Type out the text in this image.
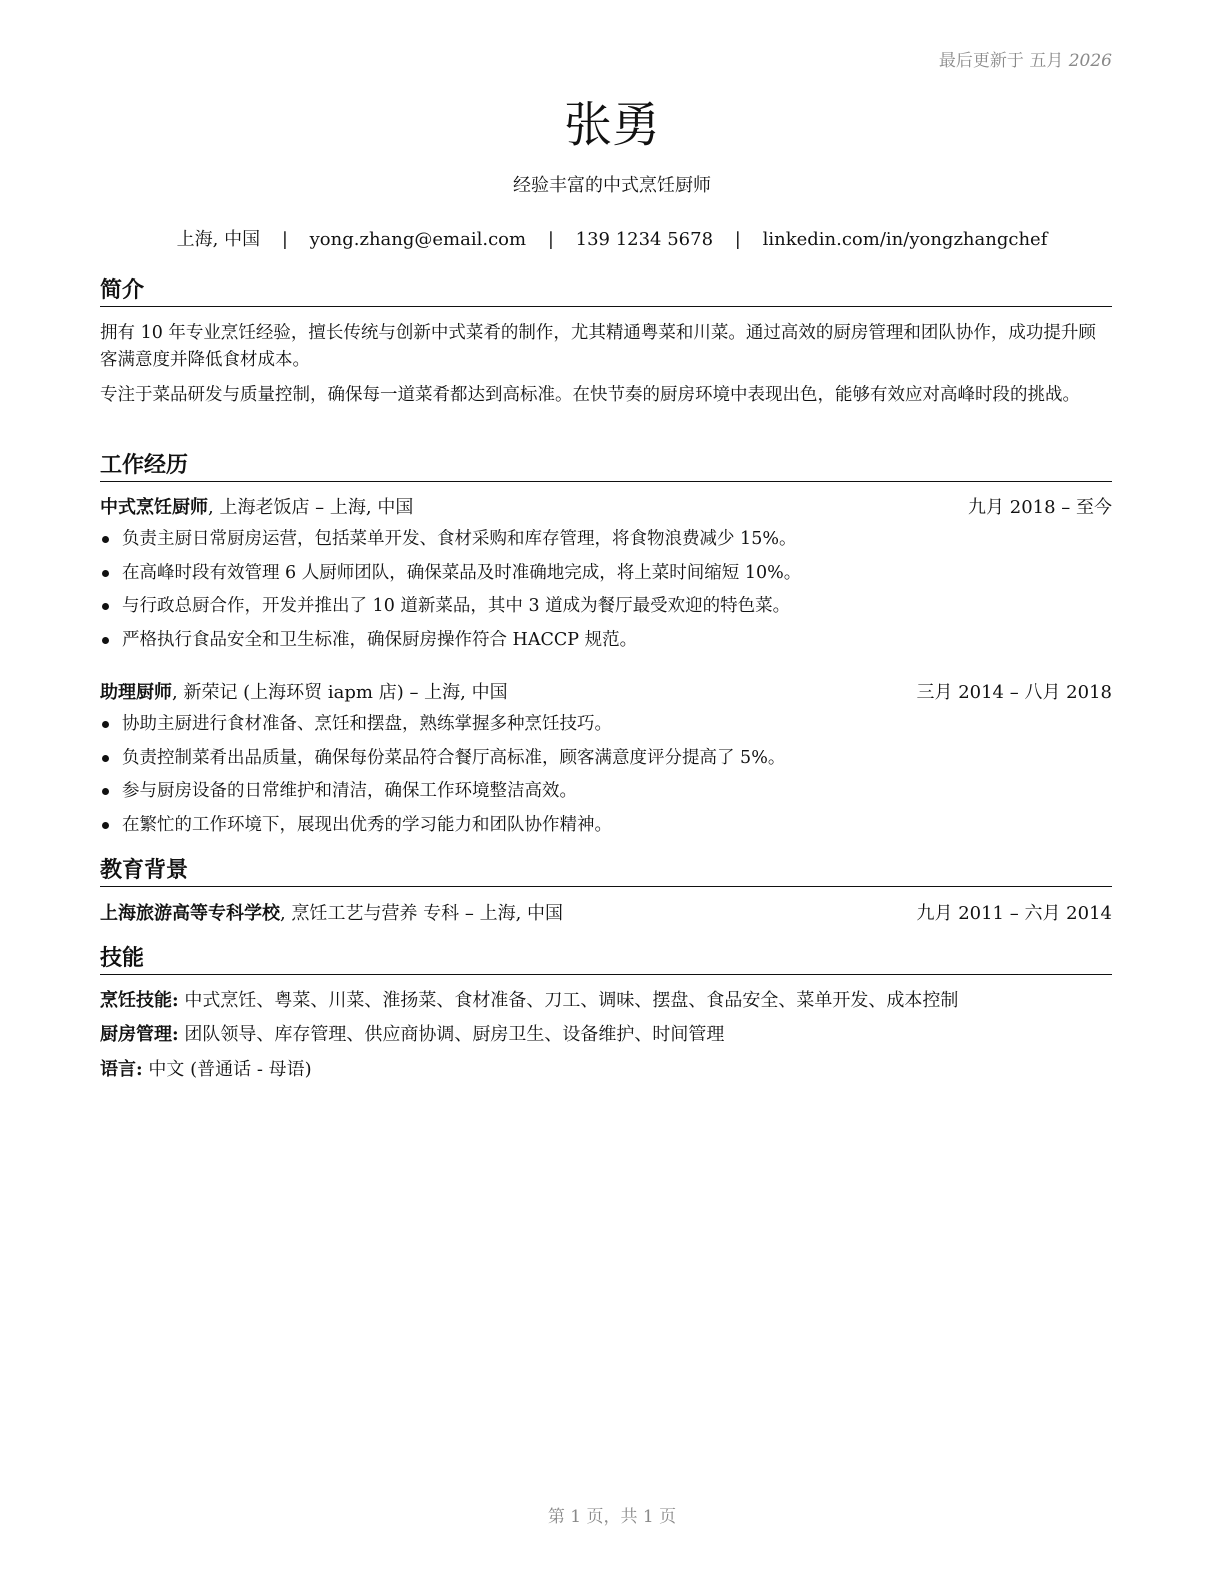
最后更新于 五月 2026
张勇
经验丰富的中式烹饪厨师
上海, 中国 | yong.zhang@email.com | 139 1234 5678 | linkedin.com/in/yongzhangchef
简介

拥有 10 年专业烹饪经验，擅长传统与创新中式菜肴的制作，尤其精通粤菜和川菜。通过高效的厨房管理和团队协作，成功提升顾客满意度并降低食材成本。

专注于菜品研发与质量控制，确保每一道菜肴都达到高标准。在快节奏的厨房环境中表现出色，能够有效应对高峰时段的挑战。

工作经历
中式烹饪厨师, 上海老饭店 – 上海, 中国	九月 2018 – 至今
负责主厨日常厨房运营，包括菜单开发、食材采购和库存管理，将食物浪费减少 15%。
在高峰时段有效管理 6 人厨师团队，确保菜品及时准确地完成，将上菜时间缩短 10%。
与行政总厨合作，开发并推出了 10 道新菜品，其中 3 道成为餐厅最受欢迎的特色菜。
严格执行食品安全和卫生标准，确保厨房操作符合 HACCP 规范。
助理厨师, 新荣记 (上海环贸 iapm 店) – 上海, 中国	三月 2014 – 八月 2018
协助主厨进行食材准备、烹饪和摆盘，熟练掌握多种烹饪技巧。
负责控制菜肴出品质量，确保每份菜品符合餐厅高标准，顾客满意度评分提高了 5%。
参与厨房设备的日常维护和清洁，确保工作环境整洁高效。
在繁忙的工作环境下，展现出优秀的学习能力和团队协作精神。
教育背景
上海旅游高等专科学校, 烹饪工艺与营养 专科 – 上海, 中国	九月 2011 – 六月 2014
技能
烹饪技能: 中式烹饪、粤菜、川菜、淮扬菜、食材准备、刀工、调味、摆盘、食品安全、菜单开发、成本控制
厨房管理: 团队领导、库存管理、供应商协调、厨房卫生、设备维护、时间管理
语言: 中文 (普通话 - 母语)
第 1 页，共 1 页
